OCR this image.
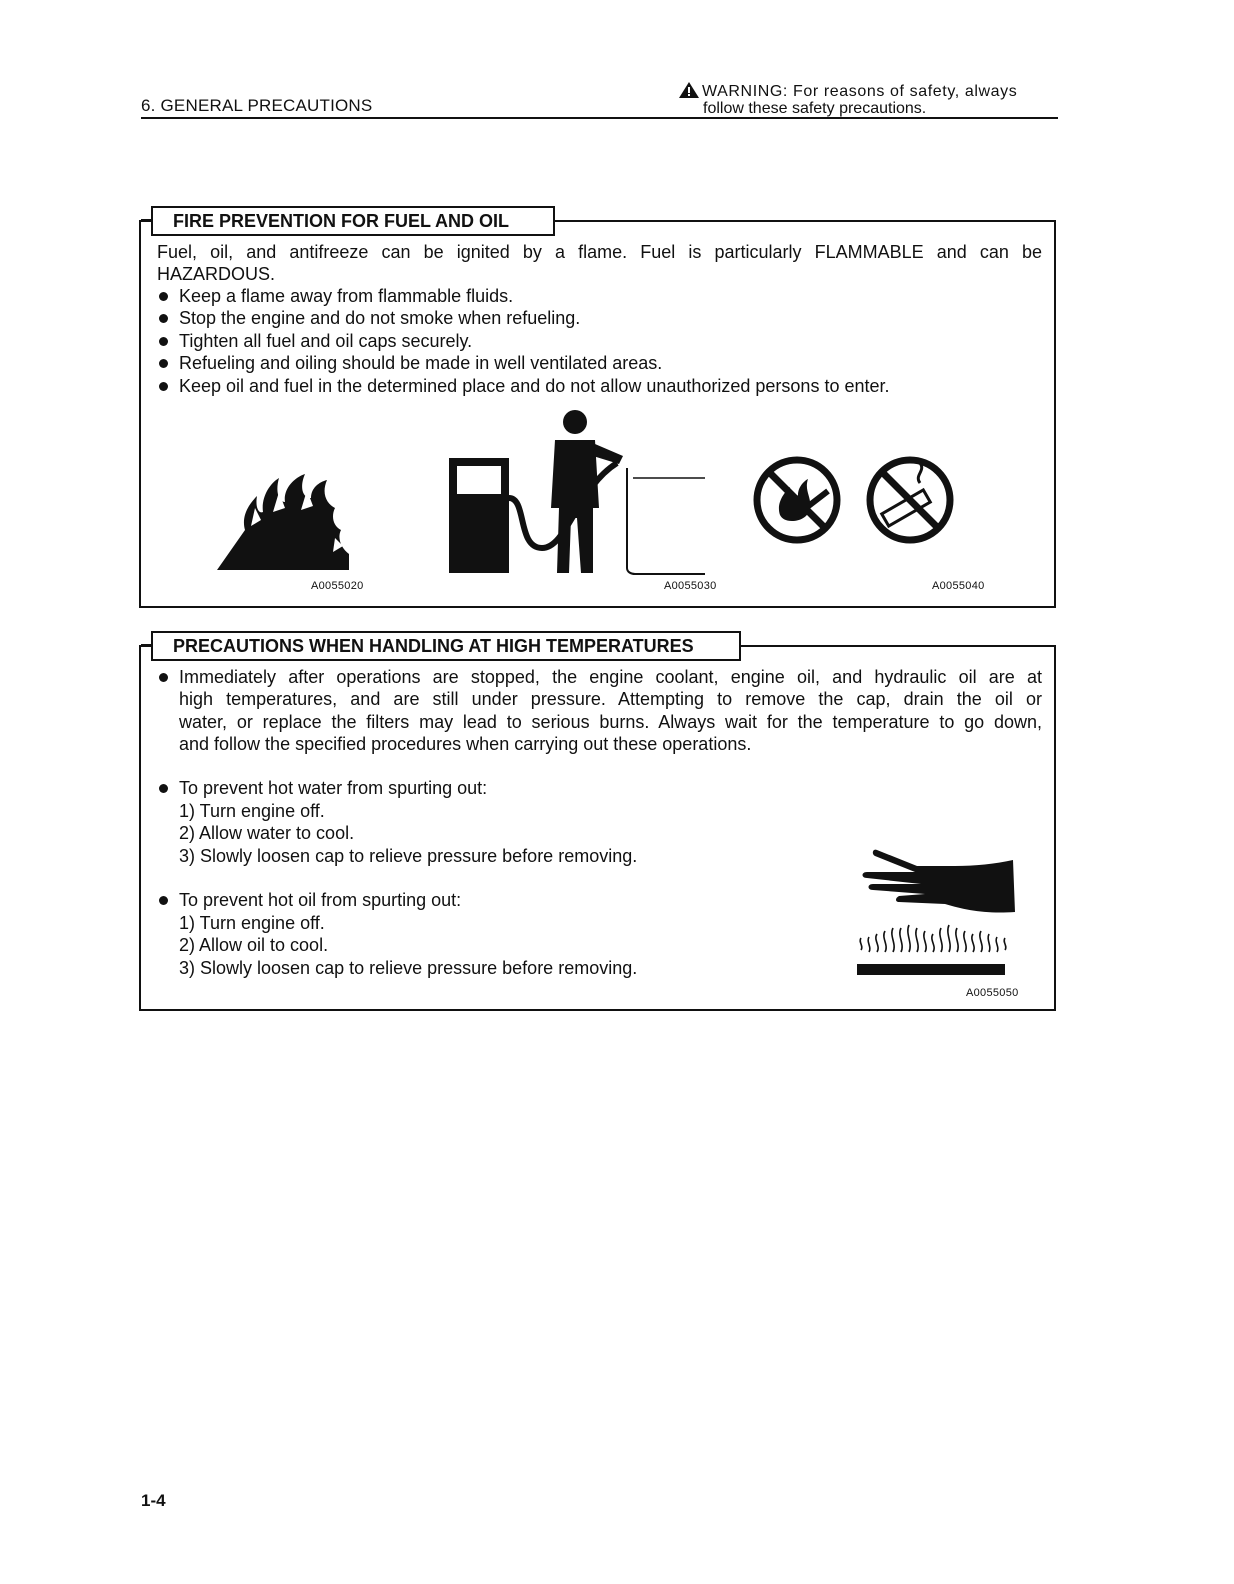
6. GENERAL PRECAUTIONS
WARNING: For reasons of safety, always
follow these safety precautions.
FIRE PREVENTION FOR FUEL AND OIL
Fuel, oil, and antifreeze can be ignited by a flame. Fuel is particularly FLAMMABLE and can be
HAZARDOUS.
Keep a flame away from flammable fluids.
Stop the engine and do not smoke when refueling.
Tighten all fuel and oil caps securely.
Refueling and oiling should be made in well ventilated areas.
Keep oil and fuel in the determined place and do not allow unauthorized persons to enter.
A0055020	A0055030	A0055040
PRECAUTIONS WHEN HANDLING AT HIGH TEMPERATURES
Immediately after operations are stopped, the engine coolant, engine oil, and hydraulic oil are at
high temperatures, and are still under pressure. Attempting to remove the cap, drain the oil or
water, or replace the filters may lead to serious burns. Always wait for the temperature to go down,
and follow the specified procedures when carrying out these operations.
To prevent hot water from spurting out:
1) Turn engine off.
2) Allow water to cool.
3) Slowly loosen cap to relieve pressure before removing.
To prevent hot oil from spurting out:
1) Turn engine off.
2) Allow oil to cool.
3) Slowly loosen cap to relieve pressure before removing.
A0055050
1-4
